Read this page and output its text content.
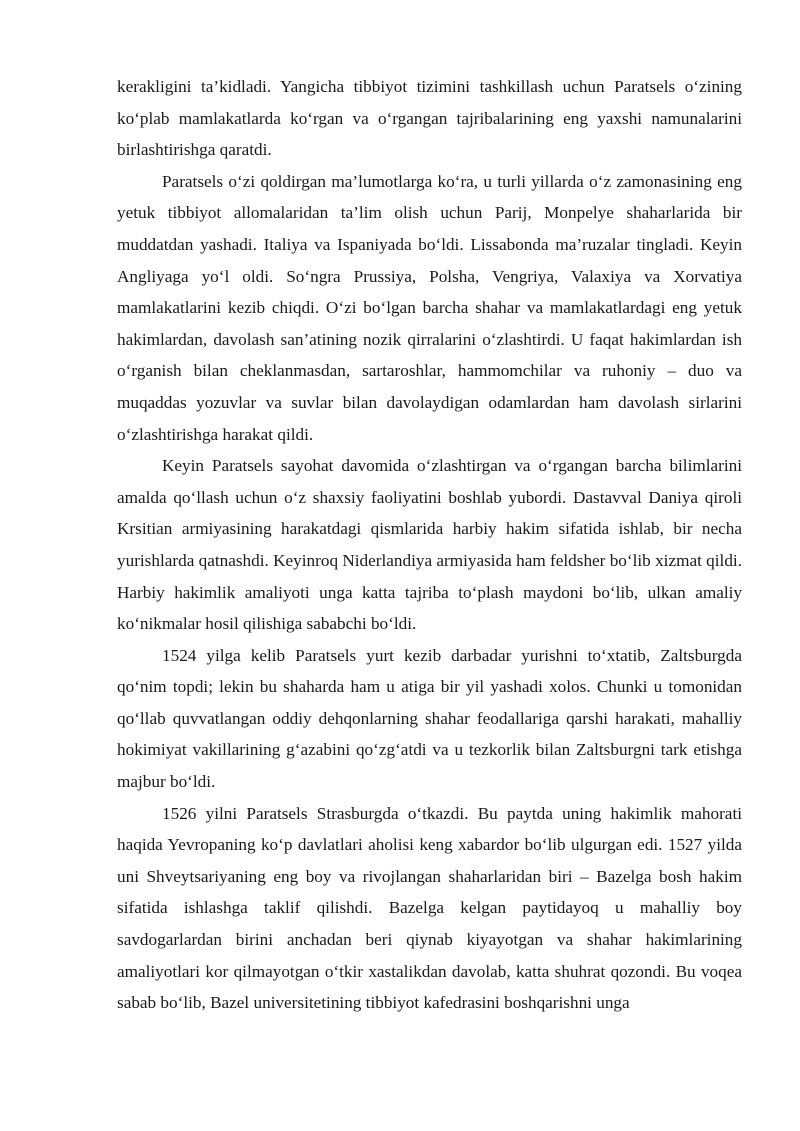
kerakligini ta’kidladi. Yangicha tibbiyot tizimini tashkillash uchun Paratsels o‘zining ko‘plab mamlakatlarda ko‘rgan va o‘rgangan tajribalarining eng yaxshi namunalarini birlashtirishga qaratdi.

Paratsels o‘zi qoldirgan ma’lumotlarga ko‘ra, u turli yillarda o‘z zamonasining eng yetuk tibbiyot allomalaridan ta’lim olish uchun Parij, Monpelye shaharlarida bir muddatdan yashadi. Italiya va Ispaniyada bo‘ldi. Lissabonda ma’ruzalar tingladi. Keyin Angliyaga yo‘l oldi. So‘ngra Prussiya, Polsha, Vengriya, Valaxiya va Xorvatiya mamlakatlarini kezib chiqdi. O‘zi bo‘lgan barcha shahar va mamlakatlardagi eng yetuk hakimlardan, davolash san’atining nozik qirralarini o‘zlashtirdi. U faqat hakimlardan ish o‘rganish bilan cheklanmasdan, sartaroshlar, hammomchilar va ruhoniy – duo va muqaddas yozuvlar va suvlar bilan davolaydigan odamlardan ham davolash sirlarini o‘zlashtirishga harakat qildi.

Keyin Paratsels sayohat davomida o‘zlashtirgan va o‘rgangan barcha bilimlarini amalda qo‘llash uchun o‘z shaxsiy faoliyatini boshlab yubordi. Dastavval Daniya qiroli Krsitian armiyasining harakatdagi qismlarida harbiy hakim sifatida ishlab, bir necha yurishlarda qatnashdi. Keyinroq Niderlandiya armiyasida ham feldsher bo‘lib xizmat qildi. Harbiy hakimlik amaliyoti unga katta tajriba to‘plash maydoni bo‘lib, ulkan amaliy ko‘nikmalar hosil qilishiga sababchi bo‘ldi.

1524 yilga kelib Paratsels yurt kezib darbadar yurishni to‘xtatib, Zaltsburgda qo‘nim topdi; lekin bu shaharda ham u atiga bir yil yashadi xolos. Chunki u tomonidan qo‘llab quvvatlangan oddiy dehqonlarning shahar feodallariga qarshi harakati, mahalliy hokimiyat vakillarining g‘azabini qo‘zg‘atdi va u tezkorlik bilan Zaltsburgni tark etishga majbur bo‘ldi.

1526 yilni Paratsels Strasburgda o‘tkazdi. Bu paytda uning hakimlik mahorati haqida Yevropaning ko‘p davlatlari aholisi keng xabardor bo‘lib ulgurgan edi. 1527 yilda uni Shveytsariyaning eng boy va rivojlangan shaharlaridan biri – Bazelga bosh hakim sifatida ishlashga taklif qilishdi. Bazelga kelgan paytidayoq u mahalliy boy savdogarlardan birini anchadan beri qiynab kiyayotgan va shahar hakimlarining amaliyotlari kor qilmayotgan o‘tkir xastalikdan davolab, katta shuhrat qozondi. Bu voqea sabab bo‘lib, Bazel universitetining tibbiyot kafedrasini boshqarishni unga
